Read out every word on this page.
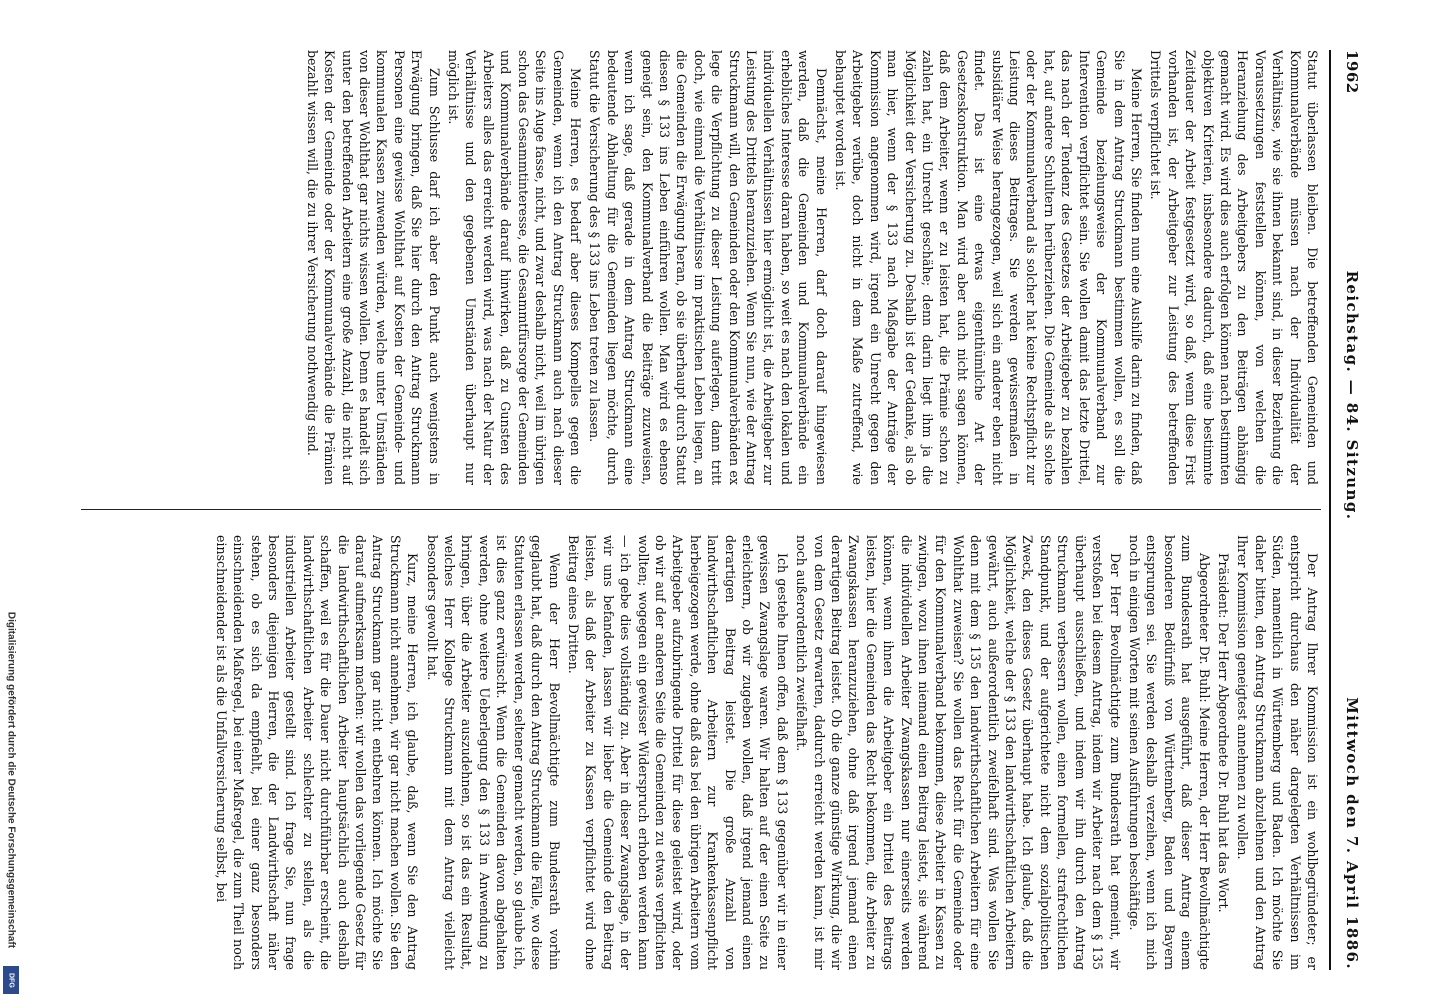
Digitalisierung gefördert durch die Deutsche Forschungsgemeinschaft
DFG
1962
Reichstag. — 84. Sitzung.
Mittwoch den 7. April 1886.

Statut überlassen bleiben. Die betreffenden Gemeinden und Kommunalverbände müssen nach der Individualität der Verhältnisse, wie sie ihnen bekannt sind, in dieser Beziehung die Voraussetzungen feststellen können, von welchen die Heranziehung des Arbeitgebers zu den Beiträgen abhängig gemacht wird. Es wird dies auch erfolgen können nach bestimmten objektiven Kriterien, insbesondere dadurch, daß eine bestimmte Zeitdauer der Arbeit festgesetzt wird, so daß, wenn diese Frist vorhanden ist, der Arbeitgeber zur Leistung des betreffenden Drittels verpflichtet ist.

Meine Herren, Sie finden nun eine Aushilfe darin zu finden, daß Sie in dem Antrag Struckmann bestimmen wollen, es soll die Gemeinde beziehungsweise der Kommunalverband zur Intervention verpflichtet sein. Sie wollen damit das letzte Drittel, das nach der Tendenz des Gesetzes der Arbeitgeber zu bezahlen hat, auf andere Schultern herüberziehen. Die Gemeinde als solche oder der Kommunalverband als solcher hat keine Rechtspflicht zur Leistung dieses Beitrages. Sie werden gewissermaßen in subsidiärer Weise herangezogen, weil sich ein anderer eben nicht findet. Das ist eine etwas eigenthümliche Art der Gesetzeskonstruktion. Man wird aber auch nicht sagen können, daß dem Arbeiter, wenn er zu leisten hat, die Prämie schon zu zahlen hat, ein Unrecht geschähe; denn darin liegt ihm ja die Möglichkeit der Versicherung zu. Deshalb ist der Gedanke, als ob man hier, wenn der § 133 nach Maßgabe der Anträge der Kommission angenommen wird, irgend ein Unrecht gegen den Arbeitgeber verübe, doch nicht in dem Maße zutreffend, wie behauptet worden ist.

Demnächst, meine Herren, darf doch darauf hingewiesen werden, daß die Gemeinden und Kommunalverbände ein erhebliches Interesse daran haben, so weit es nach den lokalen und individuellen Verhältnissen hier ermöglicht ist, die Arbeitgeber zur Leistung des Drittels heranzuziehen. Wenn Sie nun, wie der Antrag Struckmann will, den Gemeinden oder den Kommunalverbänden ex lege die Verpflichtung zu dieser Leistung auferlegen, dann tritt doch, wie einmal die Verhältnisse im praktischen Leben liegen, an die Gemeinden die Erwägung heran, ob sie überhaupt durch Statut diesen § 133 ins Leben einführen wollen. Man wird es ebenso geneigt sein, den Kommunalverband die Beiträge zuzuweisen, wenn ich sage, daß gerade in dem Antrag Struckmann eine bedeutende Abhaltung für die Gemeinden liegen möchte, durch Statut die Versicherung des § 133 ins Leben treten zu lassen.

Meine Herren, es bedarf aber dieses Kompelles gegen die Gemeinden, wenn ich den Antrag Struckmann auch nach dieser Seite ins Auge fasse, nicht, und zwar deshalb nicht, weil im übrigen schon das Gesammtinteresse, die Gesammtfürsorge der Gemeinden und Kommunalverbände darauf hinwirken, daß zu Gunsten des Arbeiters alles das erreicht werden wird, was nach der Natur der Verhältnisse und den gegebenen Umständen überhaupt nur möglich ist.

Zum Schlusse darf ich aber den Punkt auch wenigstens in Erwägung bringen, daß Sie hier durch den Antrag Struckmann Personen eine gewisse Wohlthat auf Kosten der Gemeinde- und kommunalen Kassen zuwenden würden, welche unter Umständen von dieser Wohlthat gar nichts wissen wollen. Denn es handelt sich unter den betreffenden Arbeitern eine große Anzahl, die nicht auf Kosten der Gemeinde oder der Kommunalverbände die Prämien bezahlt wissen will, die zu ihrer Versicherung nothwendig sind.

Der Antrag Ihrer Kommission ist ein wohlbegründeter; er entspricht durchaus den näher dargelegten Verhältnissen im Süden, namentlich in Württemberg und Baden. Ich möchte Sie daher bitten, den Antrag Struckmann abzulehnen und den Antrag Ihrer Kommission geneigtest annehmen zu wollen.

Präsident: Der Herr Abgeordnete Dr. Buhl hat das Wort.

Abgeordneter Dr. Buhl: Meine Herren, der Herr Bevollmächtigte zum Bundesrath hat ausgeführt, daß dieser Antrag einem besonderen Bedürfniß von Württemberg, Baden und Bayern entsprungen sei. Sie werden deshalb verzeihen, wenn ich mich noch in einigen Worten mit seinen Ausführungen beschäftige.

Der Herr Bevollmächtigte zum Bundesrath hat gemeint, wir verstoßen bei diesem Antrag, indem wir Arbeiter nach dem § 135 überhaupt ausschließen, und indem wir ihn durch den Antrag Struckmann verbessern wollen, einen formellen, strafrechtlichen Standpunkt, und der aufgerichtete nicht dem sozialpolitischen Zweck, den dieses Gesetz überhaupt habe. Ich glaube, daß die Möglichkeit, welche der § 133 den landwirthschaftlichen Arbeitern gewährt, auch außerordentlich zweifelhaft sind. Was wollen Sie denn mit dem § 135 den landwirthschaftlichen Arbeitern für eine Wohlthat zuweisen? Sie wollen das Recht für die Gemeinde oder für den Kommunalverband bekommen, diese Arbeiter in Kassen zu zwingen, wozu ihnen niemand einen Beitrag leistet, sie während die individuellen Arbeiter Zwangskassen nur einerseits werden können, wenn ihnen die Arbeitgeber ein Drittel des Beitrags leisten, hier die Gemeinden das Recht bekommen, die Arbeiter zu Zwangskassen heranzuziehen, ohne daß irgend jemand einen derartigen Beitrag leistet. Ob die ganze günstige Wirkung, die wir von dem Gesetz erwarten, dadurch erreicht werden kann, ist mir noch außerordentlich zweifelhaft.

Ich gestehe Ihnen offen, daß dem § 133 gegenüber wir in einer gewissen Zwangslage waren. Wir halten auf der einen Seite zu erleichtern, ob wir zugeben wollen, daß irgend jemand einen derartigen Beitrag leistet. Die große Anzahl von landwirthschaftlichen Arbeitern zur Krankenkassenpflicht herbeigezogen werde, ohne daß das bei den übrigen Arbeitern vom Arbeitgeber aufzubringende Drittel für diese geleistet wird, oder ob wir auf der anderen Seite die Gemeinden zu etwas verpflichten wollten; wogegen ein gewisser Widerspruch erhoben werden kann — ich gebe dies vollständig zu. Aber in dieser Zwangslage, in der wir uns befanden, lassen wir lieber die Gemeinde den Beitrag leisten, als daß der Arbeiter zu Kassen verpflichtet wird ohne Beitrag eines Dritten.

Wenn der Herr Bevollmächtigte zum Bundesrath vorhin geglaubt hat, daß durch den Antrag Struckmann die Fälle, wo diese Statuten erlassen werden, seltener gemacht werden, so glaube ich, ist dies ganz erwünscht. Wenn die Gemeinden davon abgehalten werden, ohne weitere Ueberlegung den § 133 in Anwendung zu bringen, über die Arbeiter auszudehnen, so ist das ein Resultat, welches Herr Kollege Struckmann mit dem Antrag vielleicht besonders gewollt hat.

Kurz, meine Herren, ich glaube, daß, wenn Sie den Antrag Struckmann nicht annehmen, wir gar nicht machen wollen. Sie den Antrag Struckmann gar nicht entbehren können. Ich möchte Sie darauf aufmerksam machen: wir wollen das vorliegende Gesetz für die landwirthschaftlichen Arbeiter hauptsächlich auch deshalb schaffen, weil es für die Dauer nicht durchführbar erscheint, die landwirthschaftlichen Arbeiter schlechter zu stellen, als die industriellen Arbeiter gestellt sind. Ich frage Sie, nun frage besonders diejenigen Herren, die der Landwirthschaft näher stehen, ob es sich da empfiehlt, bei einer ganz besonders einschneidenden Maßregel, bei einer Maßregel, die zum Theil noch einschneidender ist als die Unfallversicherung selbst, bei
